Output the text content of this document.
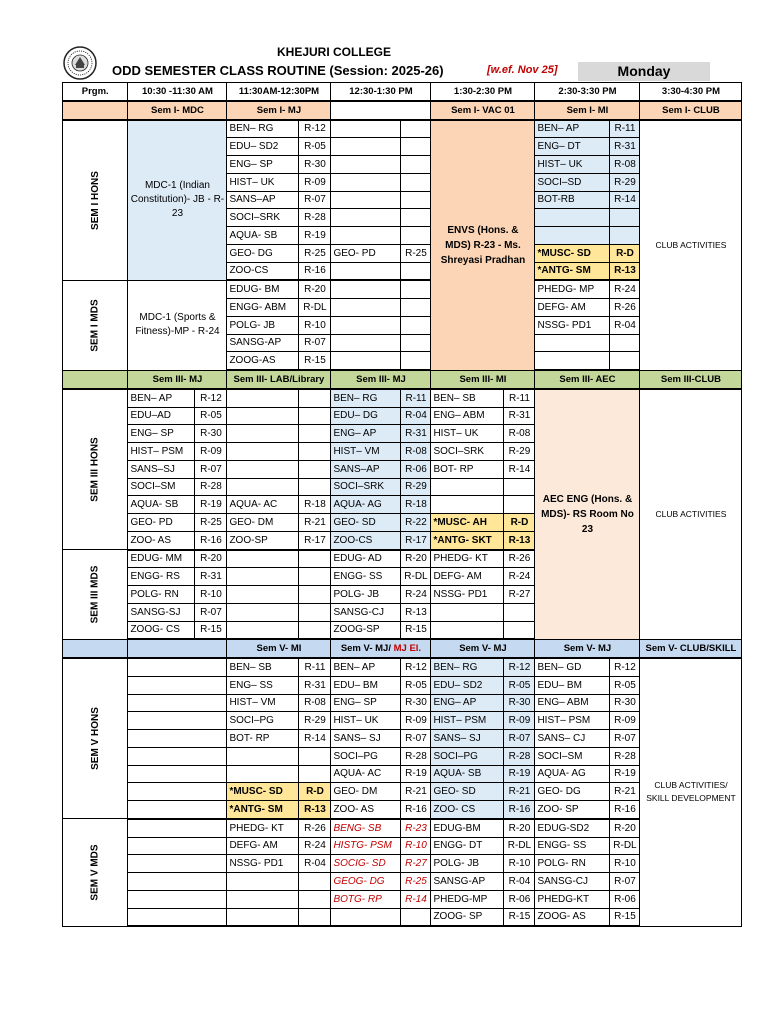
KHEJURI COLLEGE
ODD SEMESTER CLASS ROUTINE (Session: 2025-26)	[w.ef. Nov 25]	Monday
Prgm.	10:30 -11:30 AM		11:30AM-12:30PM		12:30-1:30 PM		1:30-2:30 PM		2:30-3:30 PM		3:30-4:30 PM
	Sem I- MDC		Sem I- MJ				Sem I- VAC 01		Sem I- MI		Sem I- CLUB
SEM I HONS	MDC-1 (Indian Constitution)- JB - R-23		BEN– RG	R-12			ENVS (Hons. & MDS) R-23 - Ms. Shreyasi Pradhan		BEN– AP	R-11	CLUB ACTIVITIES
			EDU– SD2	R-05					ENG– DT	R-31	
			ENG– SP	R-30					HIST– UK	R-08	
			HIST– UK	R-09					SOCI–SD	R-29	
			SANS–AP	R-07					BOT-RB	R-14	
			SOCI–SRK	R-28							
			AQUA- SB	R-19							
			GEO- DG	R-25	GEO- PD	R-25			*MUSC- SD	R-D	
			ZOO-CS	R-16					*ANTG- SM	R-13	
SEM I MDS	MDC-1 (Sports & Fitness)-MP - R-24		EDUG- BM	R-20					PHEDG- MP	R-24	
			ENGG- ABM	R-DL					DEFG- AM	R-26	
			POLG- JB	R-10					NSSG- PD1	R-04	
			SANSG-AP	R-07							
			ZOOG-AS	R-15							
	Sem III- MJ		Sem III- LAB/Library		Sem III- MJ		Sem III- MI		Sem III- AEC		Sem III-CLUB
SEM III HONS	BEN– AP	R-12			BEN– RG	R-11	BEN– SB	R-11	AEC ENG (Hons. & MDS)- RS Room No 23		CLUB ACTIVITIES
	EDU–AD	R-05			EDU– DG	R-04	ENG– ABM	R-31			
	ENG– SP	R-30			ENG– AP	R-31	HIST– UK	R-08			
	HIST– PSM	R-09			HIST– VM	R-08	SOCI–SRK	R-29			
	SANS–SJ	R-07			SANS–AP	R-06	BOT- RP	R-14			
	SOCI–SM	R-28			SOCI–SRK	R-29					
	AQUA- SB	R-19	AQUA- AC	R-18	AQUA- AG	R-18					
	GEO- PD	R-25	GEO- DM	R-21	GEO- SD	R-22	*MUSC- AH	R-D			
	ZOO- AS	R-16	ZOO-SP	R-17	ZOO-CS	R-17	*ANTG- SKT	R-13			
SEM III MDS	EDUG- MM	R-20			EDUG- AD	R-20	PHEDG- KT	R-26			
	ENGG- RS	R-31			ENGG- SS	R-DL	DEFG- AM	R-24			
	POLG- RN	R-10			POLG- JB	R-24	NSSG- PD1	R-27			
	SANSG-SJ	R-07			SANSG-CJ	R-13					
	ZOOG- CS	R-15			ZOOG-SP	R-15					
			Sem V- MI		Sem V- MJ/ MJ El.		Sem V- MJ		Sem V- MJ		Sem V- CLUB/SKILL
SEM V HONS			BEN– SB	R-11	BEN– AP	R-12	BEN– RG	R-12	BEN– GD	R-12	CLUB ACTIVITIES/ SKILL DEVELOPMENT
			ENG– SS	R-31	EDU– BM	R-05	EDU– SD2	R-05	EDU– BM	R-05	
			HIST– VM	R-08	ENG– SP	R-30	ENG– AP	R-30	ENG– ABM	R-30	
			SOCI–PG	R-29	HIST– UK	R-09	HIST– PSM	R-09	HIST– PSM	R-09	
			BOT- RP	R-14	SANS– SJ	R-07	SANS– SJ	R-07	SANS– CJ	R-07	
					SOCI–PG	R-28	SOCI–PG	R-28	SOCI–SM	R-28	
					AQUA- AC	R-19	AQUA- SB	R-19	AQUA- AG	R-19	
			*MUSC- SD	R-D	GEO- DM	R-21	GEO- SD	R-21	GEO- DG	R-21	
			*ANTG- SM	R-13	ZOO- AS	R-16	ZOO- CS	R-16	ZOO- SP	R-16	
SEM V MDS			PHEDG- KT	R-26	BENG- SB	R-23	EDUG-BM	R-20	EDUG-SD2	R-20	
			DEFG- AM	R-24	HISTG- PSM	R-10	ENGG- DT	R-DL	ENGG- SS	R-DL	
			NSSG- PD1	R-04	SOCIG- SD	R-27	POLG- JB	R-10	POLG- RN	R-10	
					GEOG- DG	R-25	SANSG-AP	R-04	SANSG-CJ	R-07	
					BOTG- RP	R-14	PHEDG-MP	R-06	PHEDG-KT	R-06	
							ZOOG- SP	R-15	ZOOG- AS	R-15	
